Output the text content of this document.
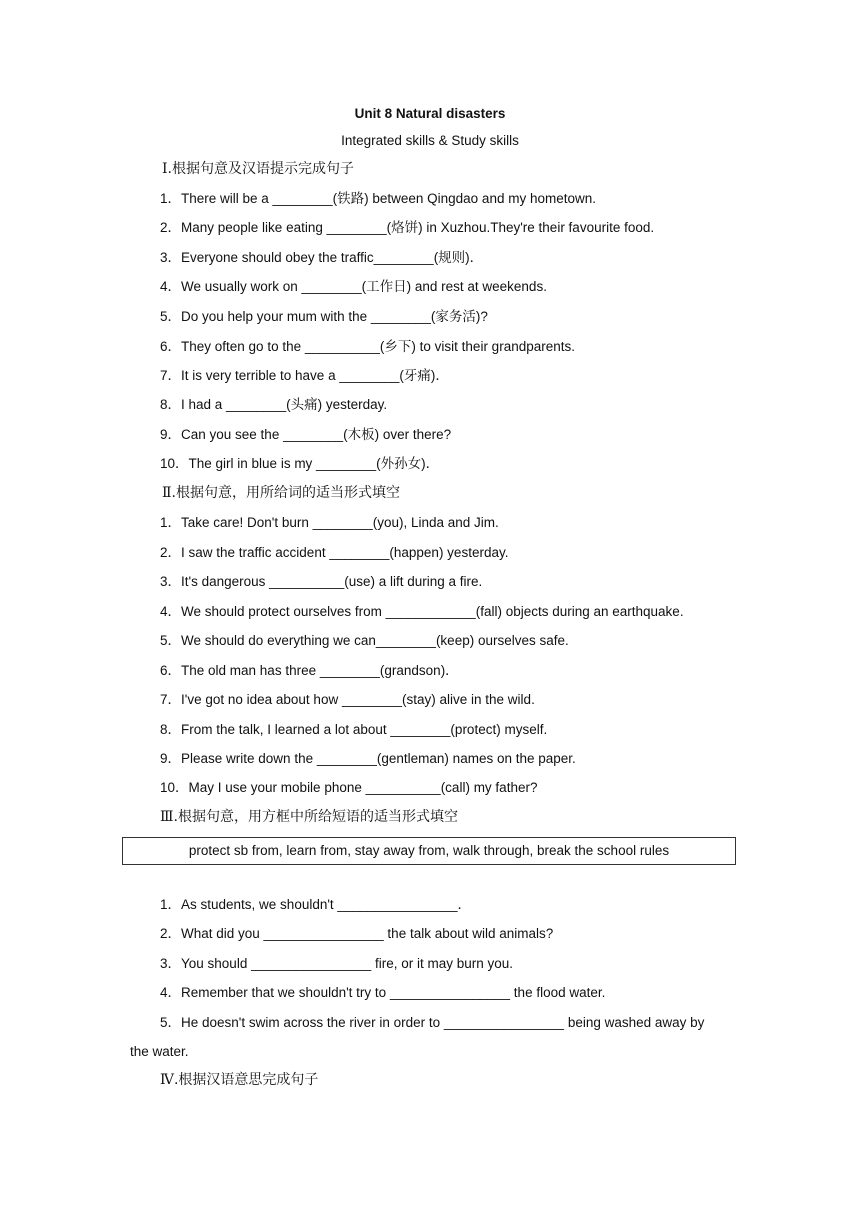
Unit 8 Natural disasters
Integrated skills & Study skills
Ⅰ.根据句意及汉语提示完成句子
1．There will be a ________(铁路) between Qingdao and my hometown.
2．Many people like eating ________(烙饼) in Xuzhou.They're their favourite food.
3．Everyone should obey the traffic________(规则)．
4．We usually work on ________(工作日) and rest at weekends.
5．Do you help your mum with the ________(家务活)?
6．They often go to the __________(乡下) to visit their grandparents.
7．It is very terrible to have a ________(牙痛)．
8．I had a ________(头痛) yesterday.
9．Can you see the ________(木板) over there?
10．The girl in blue is my ________(外孙女)．
Ⅱ.根据句意，用所给词的适当形式填空
1．Take care! Don't burn ________(you), Linda and Jim.
2．I saw the traffic accident ________(happen) yesterday.
3．It's dangerous __________(use) a lift during a fire.
4．We should protect ourselves from ____________(fall) objects during an earthquake.
5．We should do everything we can________(keep) ourselves safe.
6．The old man has three ________(grandson)．
7．I've got no idea about how ________(stay) alive in the wild.
8．From the talk, I learned a lot about ________(protect) myself.
9．Please write down the ________(gentleman) names on the paper.
10．May I use your mobile phone __________(call) my father?
Ⅲ.根据句意，用方框中所给短语的适当形式填空
protect sb from, learn from, stay away from, walk through, break the school rules
1．As students, we shouldn't ________________．
2．What did you ________________ the talk about wild animals?
3．You should ________________ fire, or it may burn you.
4．Remember that we shouldn't try to ________________ the flood water.
5．He doesn't swim across the river in order to ________________ being washed away by
the water.
Ⅳ.根据汉语意思完成句子
